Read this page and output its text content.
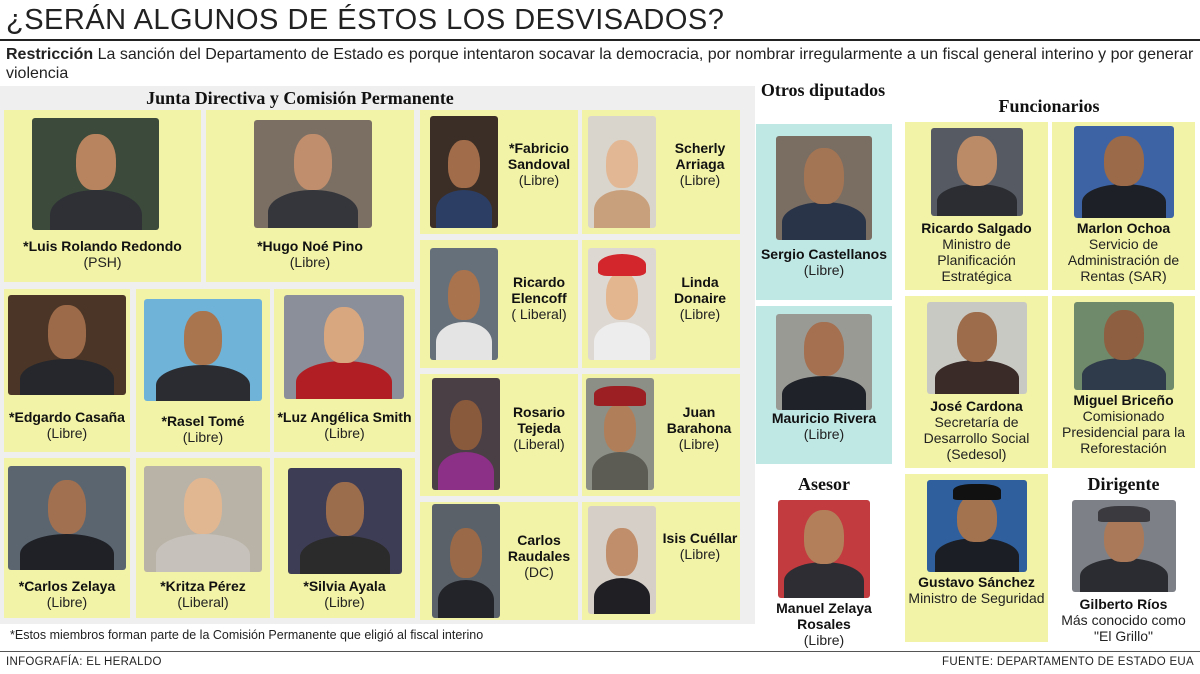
¿SERÁN ALGUNOS DE ÉSTOS LOS DESVISADOS?
Restricción La sanción del Departamento de Estado es porque intentaron socavar la democracia, por nombrar irregularmente a un fiscal general interino y por generar violencia
Junta Directiva y Comisión Permanente
*Luis Rolando Redondo
(PSH)
*Hugo Noé Pino
(Libre)
*Edgardo Casaña
(Libre)
*Rasel Tomé
(Libre)
*Luz Angélica Smith
(Libre)
*Carlos Zelaya
(Libre)
*Kritza Pérez
(Liberal)
*Silvia Ayala
(Libre)
*Fabricio Sandoval
(Libre)
Scherly Arriaga
(Libre)
Ricardo Elencoff
( Liberal)
Linda Donaire
(Libre)
Rosario Tejeda
(Liberal)
Juan Barahona
(Libre)
Carlos Raudales
(DC)
Isis Cuéllar
(Libre)
Otros diputados
Sergio Castellanos
(Libre)
Mauricio Rivera
(Libre)
Asesor
Manuel Zelaya Rosales
(Libre)
Funcionarios
Ricardo Salgado
Ministro de Planificación Estratégica
Marlon Ochoa
Servicio de Administración de Rentas (SAR)
José Cardona
Secretaría de Desarrollo Social (Sedesol)
Miguel Briceño
Comisionado Presidencial para la Reforestación
Gustavo Sánchez
Ministro de Seguridad
Dirigente
Gilberto Ríos
Más conocido como "El Grillo"
*Estos miembros forman parte de la Comisión Permanente que eligió al fiscal interino
INFOGRAFÍA: EL HERALDO	FUENTE: DEPARTAMENTO DE ESTADO EUA
